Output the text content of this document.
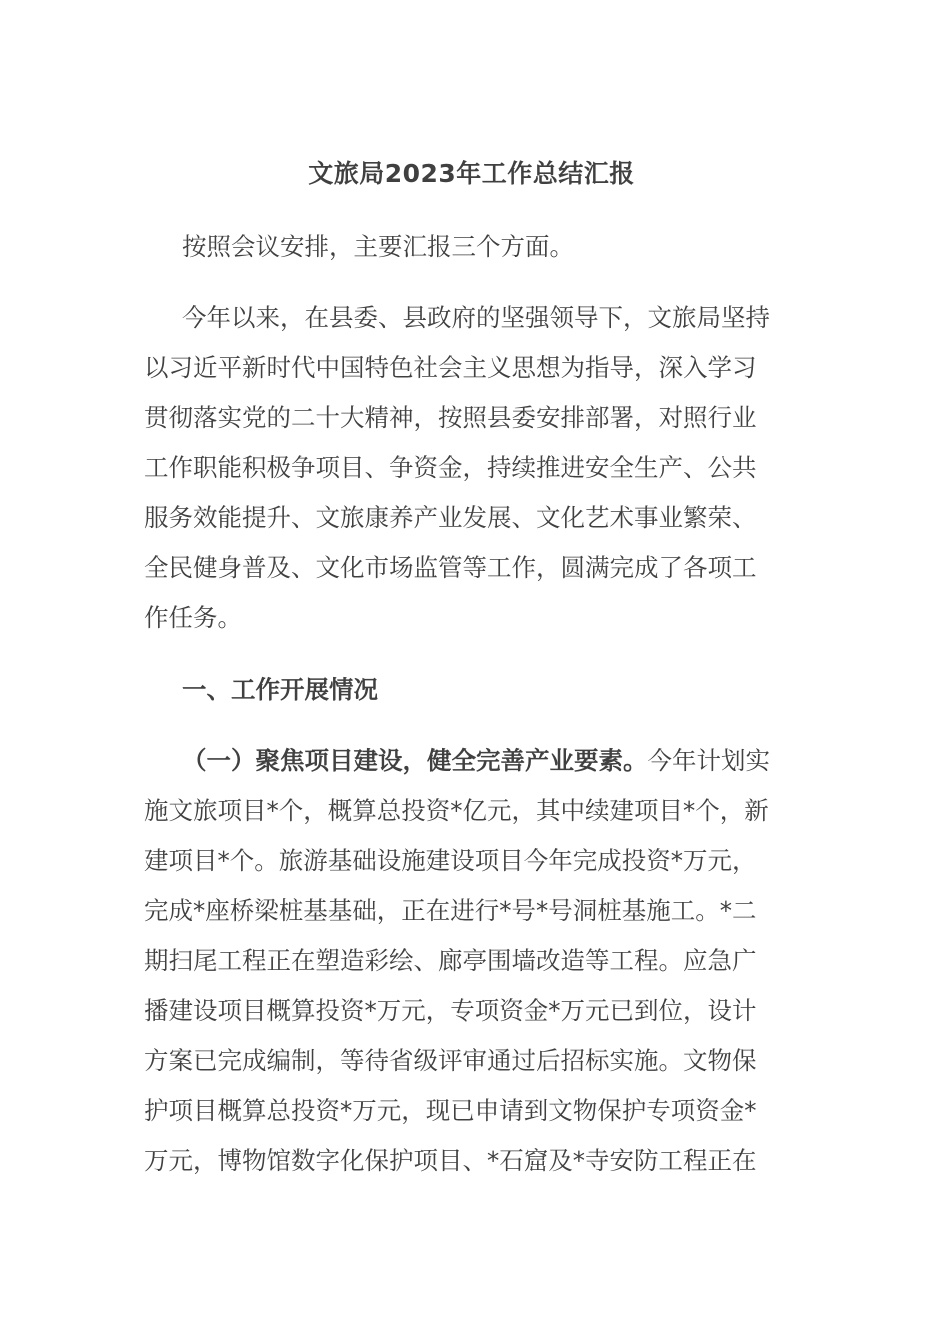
文旅局2023年工作总结汇报

按照会议安排，主要汇报三个方面。

今年以来，在县委、县政府的坚强领导下，文旅局坚持
以习近平新时代中国特色社会主义思想为指导，深入学习
贯彻落实党的二十大精神，按照县委安排部署，对照行业
工作职能积极争项目、争资金，持续推进安全生产、公共
服务效能提升、文旅康养产业发展、文化艺术事业繁荣、
全民健身普及、文化市场监管等工作，圆满完成了各项工
作任务。
一、工作开展情况
（一）聚焦项目建设，健全完善产业要素。今年计划实
施文旅项目*个，概算总投资*亿元，其中续建项目*个，新
建项目*个。旅游基础设施建设项目今年完成投资*万元，
完成*座桥梁桩基基础，正在进行*号*号洞桩基施工。*二
期扫尾工程正在塑造彩绘、廊亭围墙改造等工程。应急广
播建设项目概算投资*万元，专项资金*万元已到位，设计
方案已完成编制，等待省级评审通过后招标实施。文物保
护项目概算总投资*万元，现已申请到文物保护专项资金*
万元，博物馆数字化保护项目、*石窟及*寺安防工程正在
